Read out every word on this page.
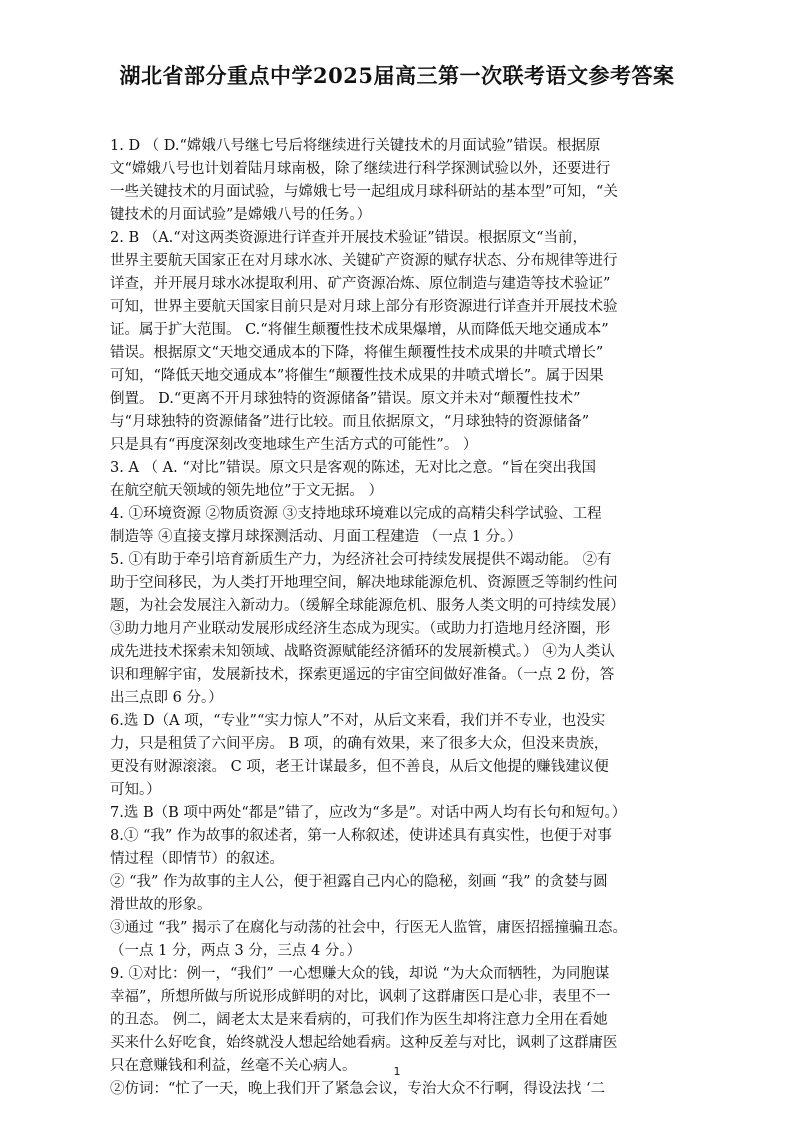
湖北省部分重点中学2025届高三第一次联考语文参考答案
1. D （ D.“嫦娥八号继七号后将继续进行关键技术的月面试验”错误。根据原
文“嫦娥八号也计划着陆月球南极，除了继续进行科学探测试验以外，还要进行
一些关键技术的月面试验，与嫦娥七号一起组成月球科研站的基本型”可知，“关
键技术的月面试验”是嫦娥八号的任务。）
2. B （A.“对这两类资源进行详查并开展技术验证”错误。根据原文“当前，
世界主要航天国家正在对月球水冰、关键矿产资源的赋存状态、分布规律等进行
详查，并开展月球水冰提取利用、矿产资源冶炼、原位制造与建造等技术验证”
可知，世界主要航天国家目前只是对月球上部分有形资源进行详查并开展技术验
证。属于扩大范围。 C.“将催生颠覆性技术成果爆增，从而降低天地交通成本”
错误。根据原文“天地交通成本的下降，将催生颠覆性技术成果的井喷式增长”
可知，“降低天地交通成本”将催生“颠覆性技术成果的井喷式增长”。属于因果
倒置。 D.“更离不开月球独特的资源储备”错误。原文并未对“颠覆性技术”
与“月球独特的资源储备”进行比较。而且依据原文，“月球独特的资源储备”
只是具有“再度深刻改变地球生产生活方式的可能性”。 ）
3. A （ A. “对比”错误。原文只是客观的陈述，无对比之意。“旨在突出我国
在航空航天领域的领先地位”于文无据。 ）
4. ①环境资源 ②物质资源 ③支持地球环境难以完成的高精尖科学试验、工程
制造等 ④直接支撑月球探测活动、月面工程建造 （一点 1 分。）
5. ①有助于牵引培育新质生产力，为经济社会可持续发展提供不竭动能。 ②有
助于空间移民，为人类打开地理空间，解决地球能源危机、资源匮乏等制约性问
题，为社会发展注入新动力。（缓解全球能源危机、服务人类文明的可持续发展）
③助力地月产业联动发展形成经济生态成为现实。（或助力打造地月经济圈，形
成先进技术探索未知领域、战略资源赋能经济循环的发展新模式。） ④为人类认
识和理解宇宙，发展新技术，探索更遥远的宇宙空间做好准备。（一点 2 份，答
出三点即 6 分。）
6.选 D（A 项，“专业”“实力惊人”不对，从后文来看，我们并不专业，也没实
力，只是租赁了六间平房。 B 项，的确有效果，来了很多大众，但没来贵族，
更没有财源滚滚。 C 项，老王计谋最多，但不善良，从后文他提的赚钱建议便
可知。）
7.选 B（B 项中两处“都是”错了，应改为“多是”。对话中两人均有长句和短句。）
8.① “我” 作为故事的叙述者，第一人称叙述，使讲述具有真实性，也便于对事
情过程（即情节）的叙述。
② “我” 作为故事的主人公，便于袒露自己内心的隐秘，刻画 “我” 的贪婪与圆
滑世故的形象。
③通过 “我” 揭示了在腐化与动荡的社会中，行医无人监管，庸医招摇撞骗丑态。
（一点 1 分，两点 3 分，三点 4 分。）
9. ①对比：例一，“我们” 一心想赚大众的钱，却说 “为大众而牺牲，为同胞谋
幸福”，所想所做与所说形成鲜明的对比，讽刺了这群庸医口是心非，表里不一
的丑态。 例二，阔老太太是来看病的，可我们作为医生却将注意力全用在看她
买来什么好吃食，始终就没人想起给她看病。这种反差与对比，讽刺了这群庸医
只在意赚钱和利益，丝毫不关心病人。
②仿词：“忙了一天，晚上我们开了紧急会议，专治大众不行啊，得设法找 ‘二
1
